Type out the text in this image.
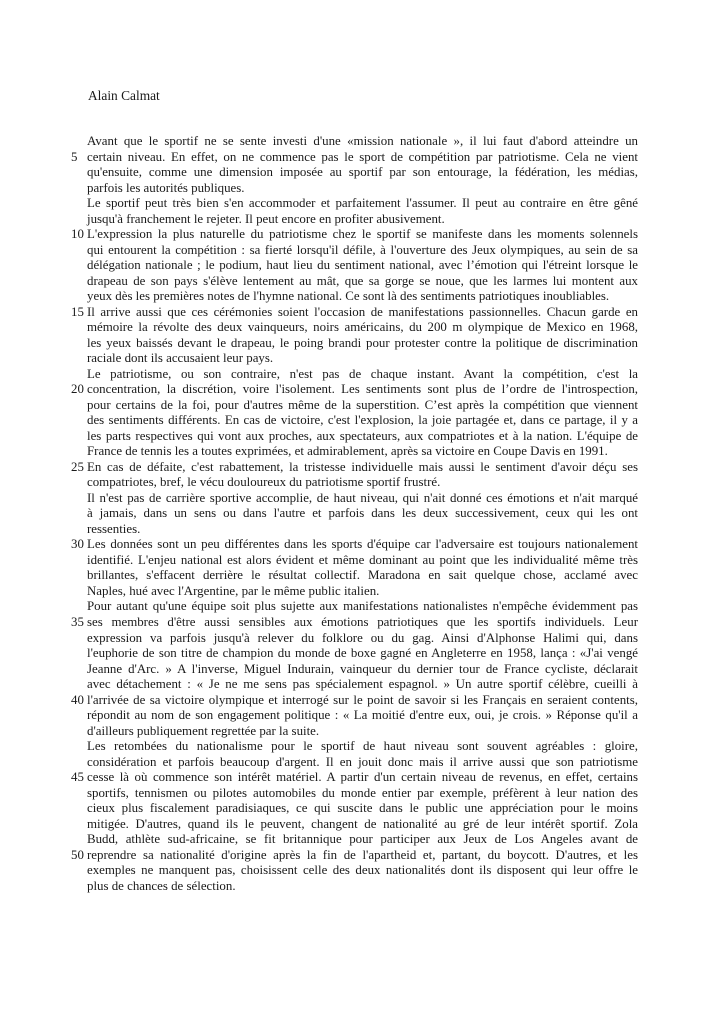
Alain Calmat
Avant que le sportif ne se sente investi d'une «mission nationale », il lui faut d'abord atteindre un
5 certain niveau. En effet, on ne commence pas le sport de compétition par patriotisme. Cela ne vient
qu'ensuite, comme une dimension imposée au sportif par son entourage, la fédération, les médias,
parfois les autorités publiques.
Le sportif peut très bien s'en accommoder et parfaitement l'assumer. Il peut au contraire en être gêné
jusqu'à franchement le rejeter. Il peut encore en profiter abusivement.
10 L'expression la plus naturelle du patriotisme chez le sportif se manifeste dans les moments solennels
qui entourent la compétition : sa fierté lorsqu'il défile, à l'ouverture des Jeux olympiques, au sein de sa
délégation nationale ; le podium, haut lieu du sentiment national, avec l’émotion qui l'étreint lorsque le
drapeau de son pays s'élève lentement au mât, que sa gorge se noue, que les larmes lui montent aux
yeux dès les premières notes de l'hymne national. Ce sont là des sentiments patriotiques inoubliables.
15 Il arrive aussi que ces cérémonies soient l'occasion de manifestations passionnelles. Chacun garde en
mémoire la révolte des deux vainqueurs, noirs américains, du 200 m olympique de Mexico en 1968,
les yeux baissés devant le drapeau, le poing brandi pour protester contre la politique de discrimination
raciale dont ils accusaient leur pays.
Le patriotisme, ou son contraire, n'est pas de chaque instant. Avant la compétition, c'est la
20 concentration, la discrétion, voire l'isolement. Les sentiments sont plus de l’ordre de l'introspection,
pour certains de la foi, pour d'autres même de la superstition. C’est après la compétition que viennent
des sentiments différents. En cas de victoire, c'est l'explosion, la joie partagée et, dans ce partage, il y a
les parts respectives qui vont aux proches, aux spectateurs, aux compatriotes et à la nation. L'équipe de
France de tennis les a toutes exprimées, et admirablement, après sa victoire en Coupe Davis en 1991.
25 En cas de défaite, c'est rabattement, la tristesse individuelle mais aussi le sentiment d'avoir déçu ses
compatriotes, bref, le vécu douloureux du patriotisme sportif frustré.
Il n'est pas de carrière sportive accomplie, de haut niveau, qui n'ait donné ces émotions et n'ait marqué
à jamais, dans un sens ou dans l'autre et parfois dans les deux successivement, ceux qui les ont
ressenties.
30 Les données sont un peu différentes dans les sports d'équipe car l'adversaire est toujours nationalement
identifié. L'enjeu national est alors évident et même dominant au point que les individualité même très
brillantes, s'effacent derrière le résultat collectif. Maradona en sait quelque chose, acclamé avec
Naples, hué avec l'Argentine, par le même public italien.
Pour autant qu'une équipe soit plus sujette aux manifestations nationalistes n'empêche évidemment pas
35 ses membres d'être aussi sensibles aux émotions patriotiques que les sportifs individuels. Leur
expression va parfois jusqu'à relever du folklore ou du gag. Ainsi d'Alphonse Halimi qui, dans
l'euphorie de son titre de champion du monde de boxe gagné en Angleterre en 1958, lança : «J'ai vengé
Jeanne d'Arc. » A l'inverse, Miguel Indurain, vainqueur du dernier tour de France cycliste, déclarait
avec détachement : « Je ne me sens pas spécialement espagnol. » Un autre sportif célèbre, cueilli à
40 l'arrivée de sa victoire olympique et interrogé sur le point de savoir si les Français en seraient contents,
répondit au nom de son engagement politique : « La moitié d'entre eux, oui, je crois. » Réponse qu'il a
d'ailleurs publiquement regrettée par la suite.
Les retombées du nationalisme pour le sportif de haut niveau sont souvent agréables : gloire,
considération et parfois beaucoup d'argent. Il en jouit donc mais il arrive aussi que son patriotisme
45 cesse là où commence son intérêt matériel. A partir d'un certain niveau de revenus, en effet, certains
sportifs, tennismen ou pilotes automobiles du monde entier par exemple, préfèrent à leur nation des
cieux plus fiscalement paradisiaques, ce qui suscite dans le public une appréciation pour le moins
mitigée. D'autres, quand ils le peuvent, changent de nationalité au gré de leur intérêt sportif. Zola
Budd, athlète sud-africaine, se fit britannique pour participer aux Jeux de Los Angeles avant de
50 reprendre sa nationalité d'origine après la fin de l'apartheid et, partant, du boycott. D'autres, et les
exemples ne manquent pas, choisissent celle des deux nationalités dont ils disposent qui leur offre le
plus de chances de sélection.
